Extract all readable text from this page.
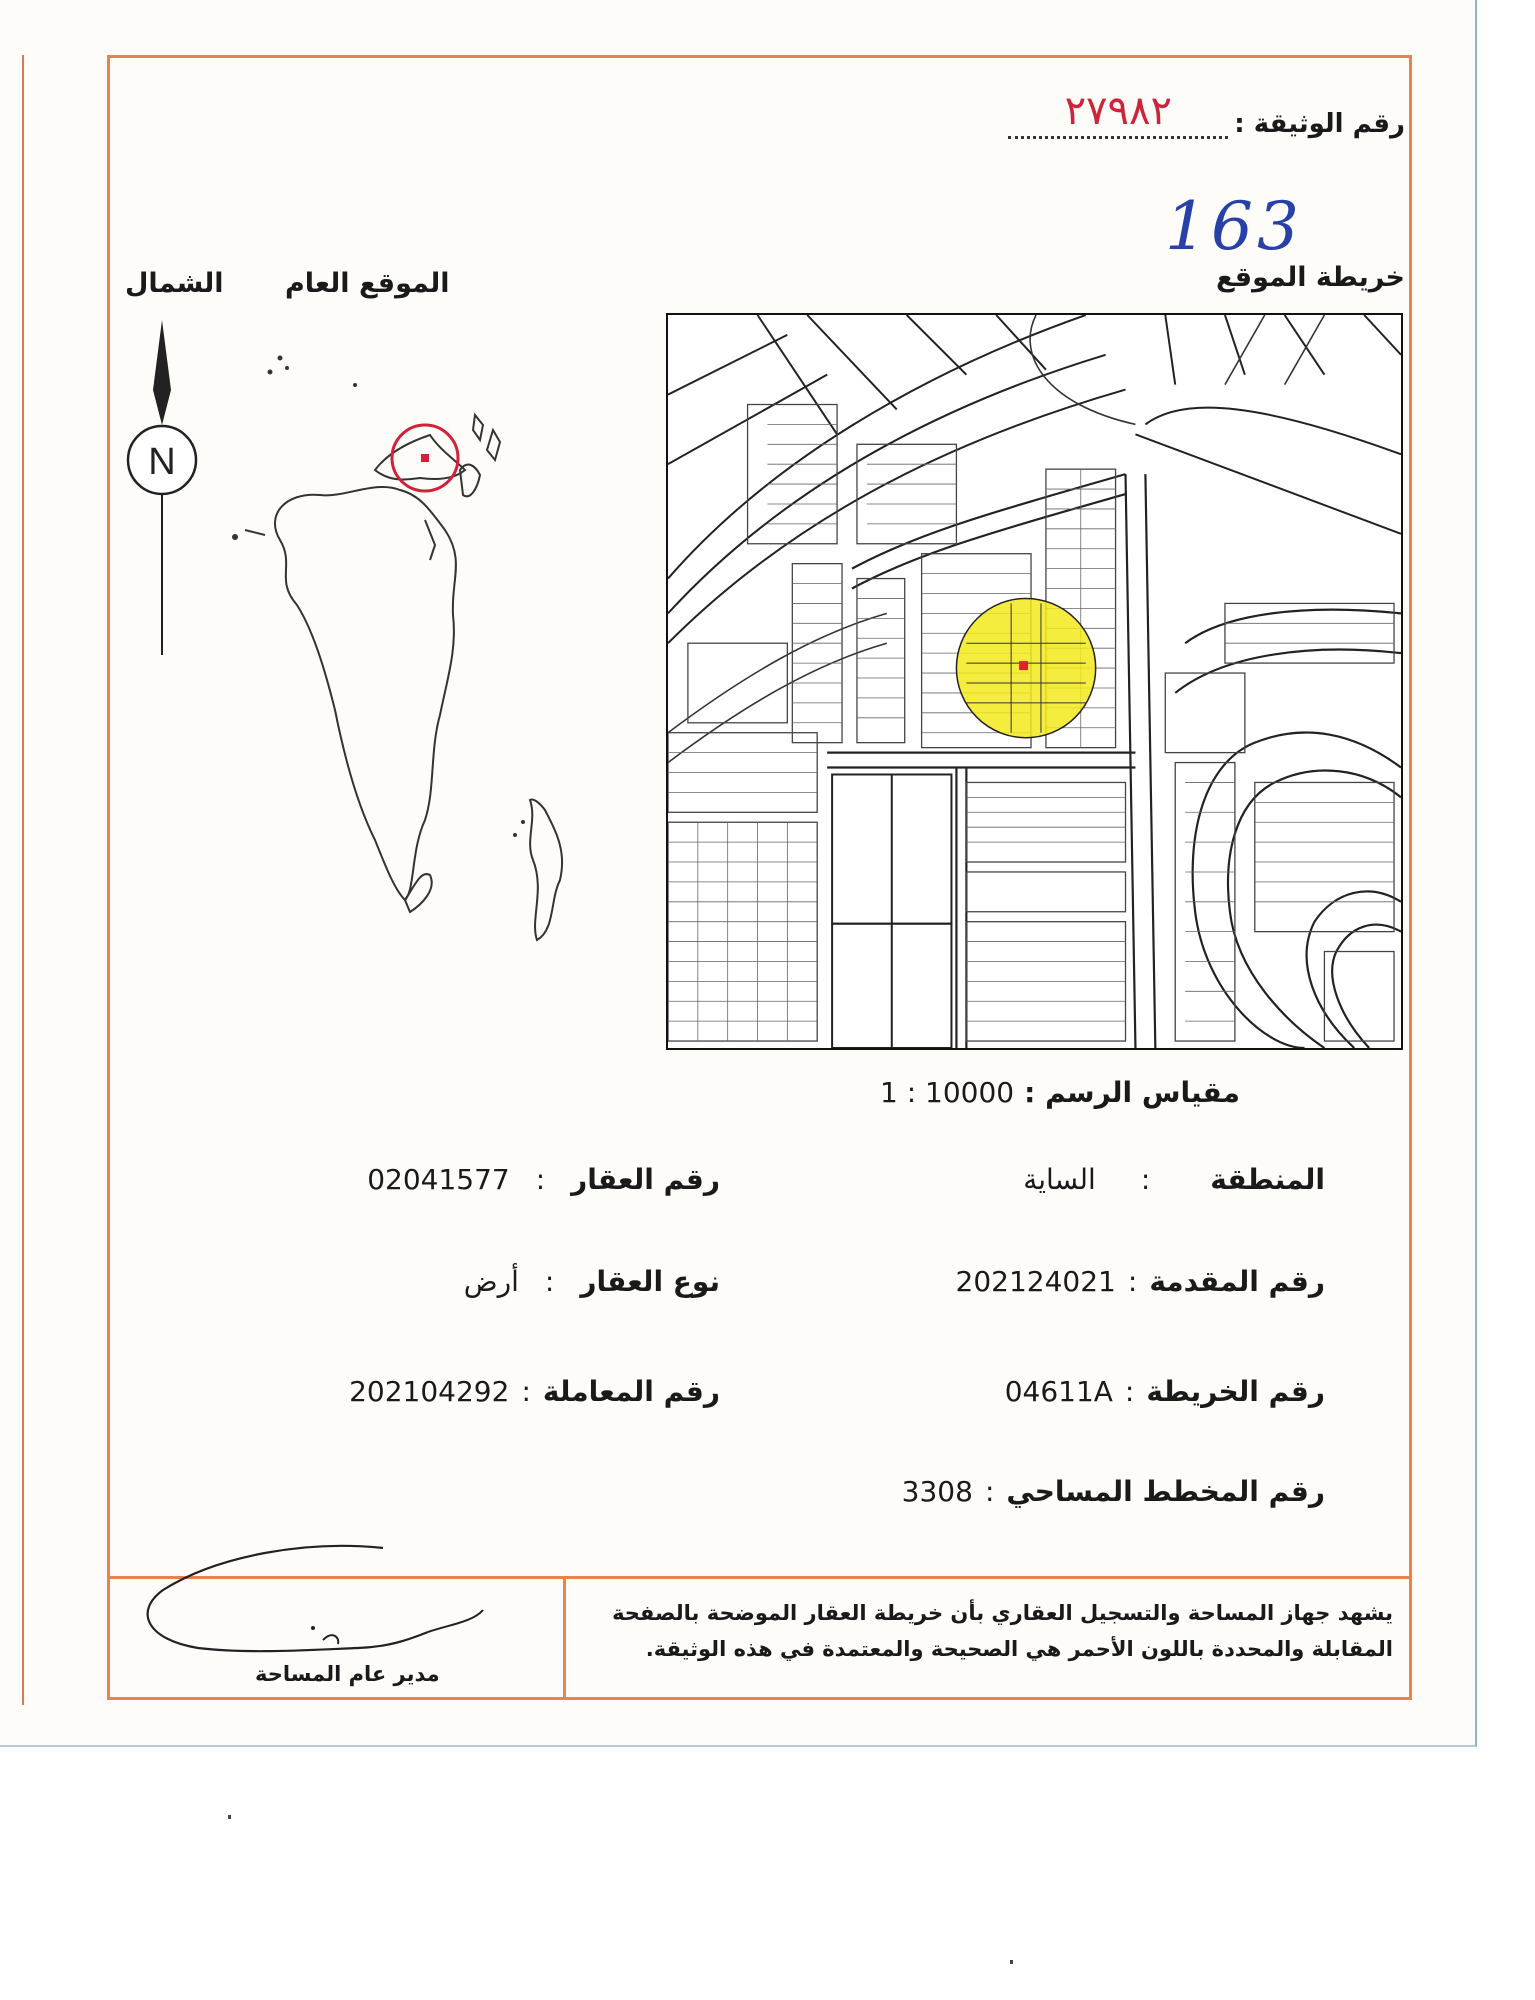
رقم الوثيقة :
٢٧٩٨٢
163
خريطة الموقع
الموقع العام
الشمال
N
مقياس الرسم :
1 : 10000
المنطقة
:
الساية
رقم العقار
:
02041577
رقم المقدمة
:
202124021
نوع العقار
:
أرض
رقم الخريطة
:
04611A
رقم المعاملة
:
202104292
رقم المخطط المساحي
:
3308
يشهد جهاز المساحة والتسجيل العقاري بأن خريطة العقار الموضحة بالصفحة المقابلة والمحددة باللون الأحمر هي الصحيحة والمعتمدة في هذه الوثيقة.
مدير عام المساحة
